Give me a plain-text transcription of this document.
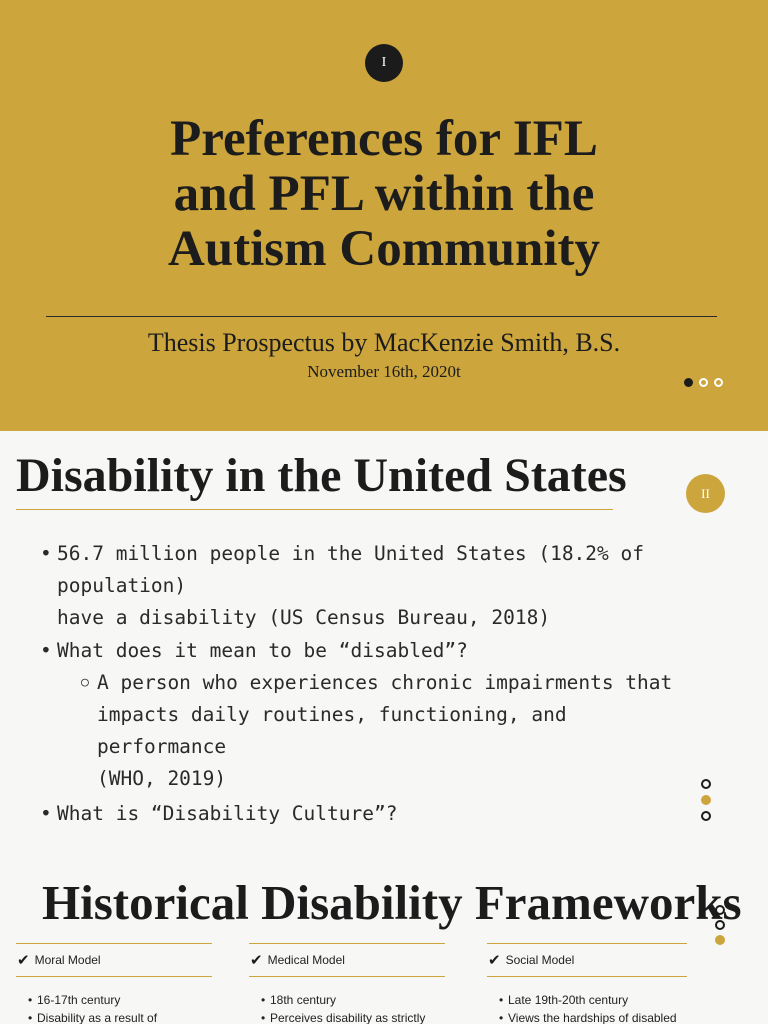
I
Preferences for IFL
and PFL within the
Autism Community
Thesis Prospectus by MacKenzie Smith, B.S.
November 16th, 2020t
Disability in the United States	II
• 56.7 million people in the United States (18.2% of population)
have a disability (US Census Bureau, 2018)
• What does it mean to be “disabled”?
○ A person who experiences chronic impairments that
impacts daily routines, functioning, and performance
(WHO, 2019)
• What is “Disability Culture”?
Historical Disability Frameworks
✔ Moral Model
• 16-17th century
• Disability as a result of
✔ Medical Model
• 18th century
• Perceives disability as strictly
✔ Social Model
• Late 19th-20th century
• Views the hardships of disabled
